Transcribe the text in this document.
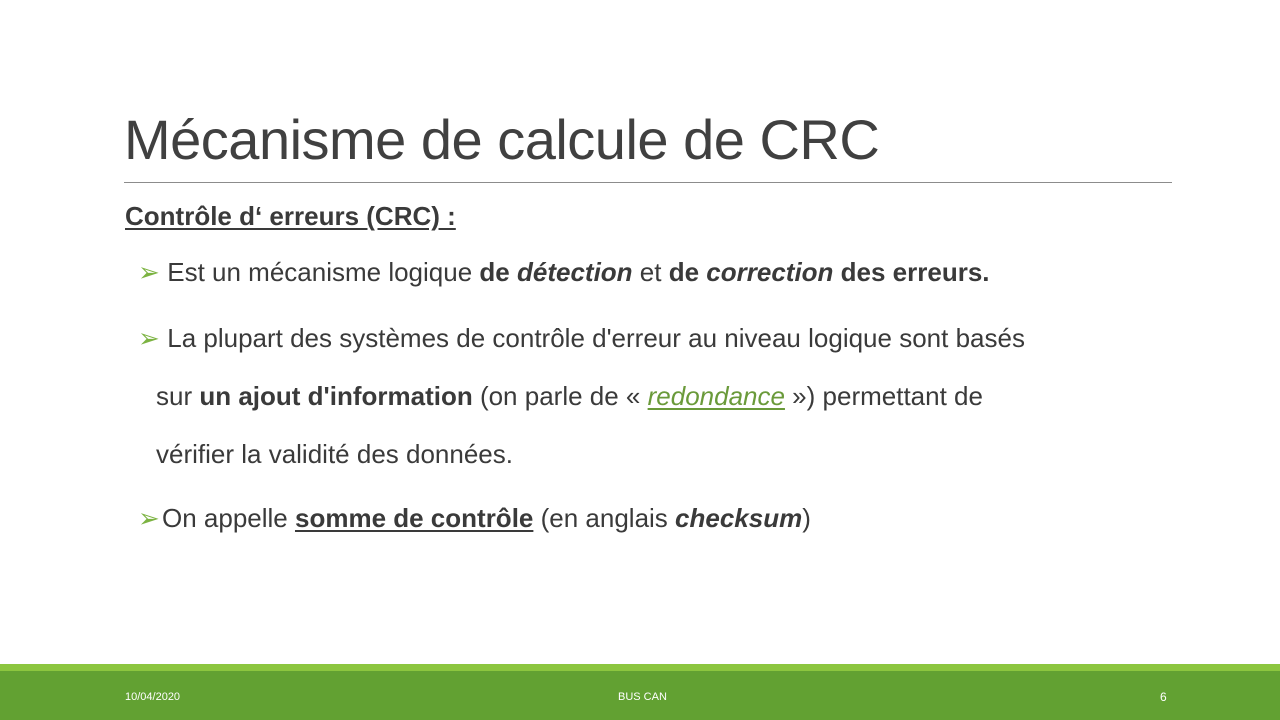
Mécanisme de calcule de CRC
Contrôle d‘ erreurs (CRC) :
➢ Est un mécanisme logique de détection et de correction des erreurs.
➢ La plupart des systèmes de contrôle d'erreur au niveau logique sont basés
sur un ajout d'information (on parle de « redondance ») permettant de
vérifier la validité des données.
➢On appelle somme de contrôle (en anglais checksum)
10/04/2020	BUS CAN	6
